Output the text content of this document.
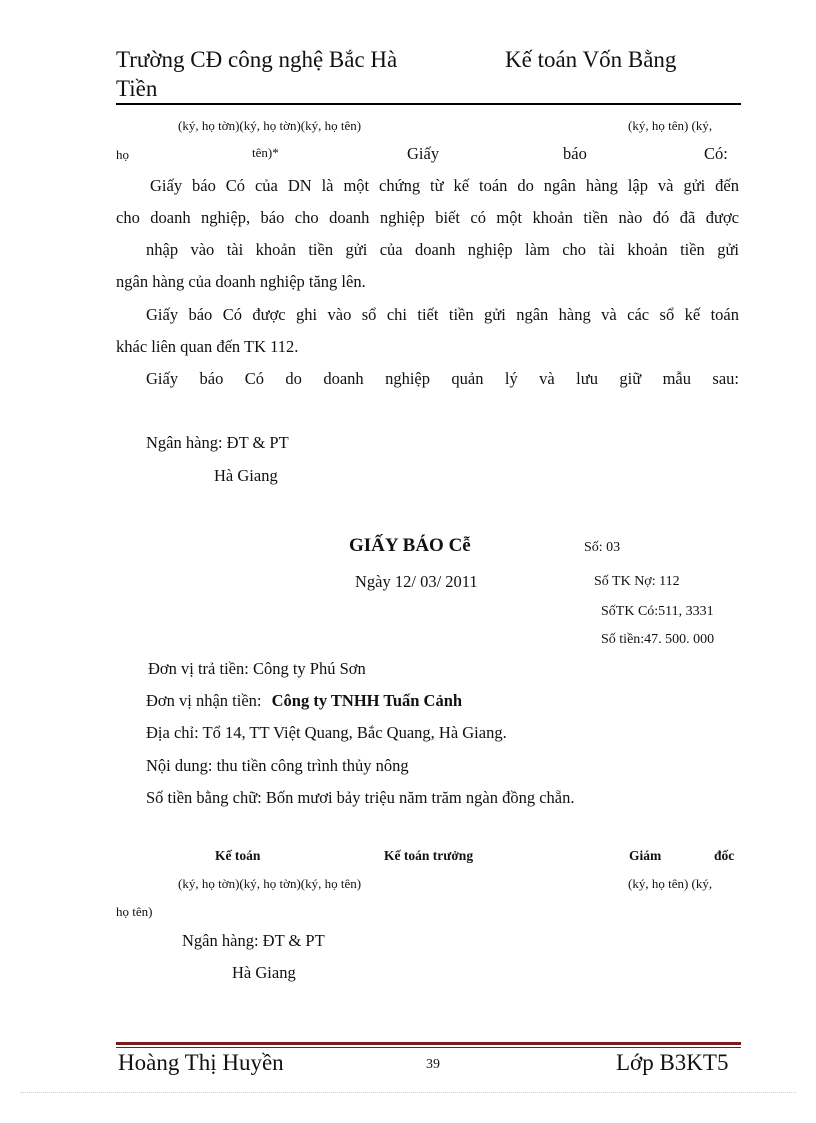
Trường CĐ công nghệ Bắc Hà
Tiền
Kế toán Vốn Bằng
(ký, họ tờn)(ký, họ tờn)(ký, họ tên)	(ký, họ tên) (ký,
họ	tên)*	Giấy	báo	Có:
Giấy báo Có của DN là một chứng từ kế toán do ngân hàng lập và gửi đến
cho doanh nghiệp, báo cho doanh nghiệp biết có một khoản tiền nào đó đã được
nhập vào tài khoản tiền gửi của doanh nghiệp làm cho tài khoản tiền gửi
ngân hàng của doanh nghiệp tăng lên.
Giấy báo Có được ghi vào sổ chi tiết tiền gửi ngân hàng và các sổ kế toán
khác liên quan đến TK 112.
Giấy báo Có do doanh nghiệp quản lý và lưu giữ mẫu sau:
Ngân hàng: ĐT & PT
Hà Giang
GIẤY BÁO Cễ	Số: 03
Ngày 12/ 03/ 2011	Số TK Nợ: 112
SốTK Có:511, 3331
Số tiền:47. 500. 000
Đơn vị trả tiền: Công ty Phú Sơn
Đơn vị nhận tiền: Công ty TNHH Tuấn Cảnh
Địa chỉ: Tổ 14, TT Việt Quang, Bắc Quang, Hà Giang.
Nội dung: thu tiền công trình thủy nông
Số tiền bằng chữ: Bốn mươi bảy triệu năm trăm ngàn đồng chẵn.
Kế toán	Kế toán trưởng	Giám	đốc
(ký, họ tờn)(ký, họ tờn)(ký, họ tên)	(ký, họ tên) (ký,
họ tên)
Ngân hàng: ĐT & PT
Hà Giang
Hoàng Thị Huyền	39	Lớp B3KT5
